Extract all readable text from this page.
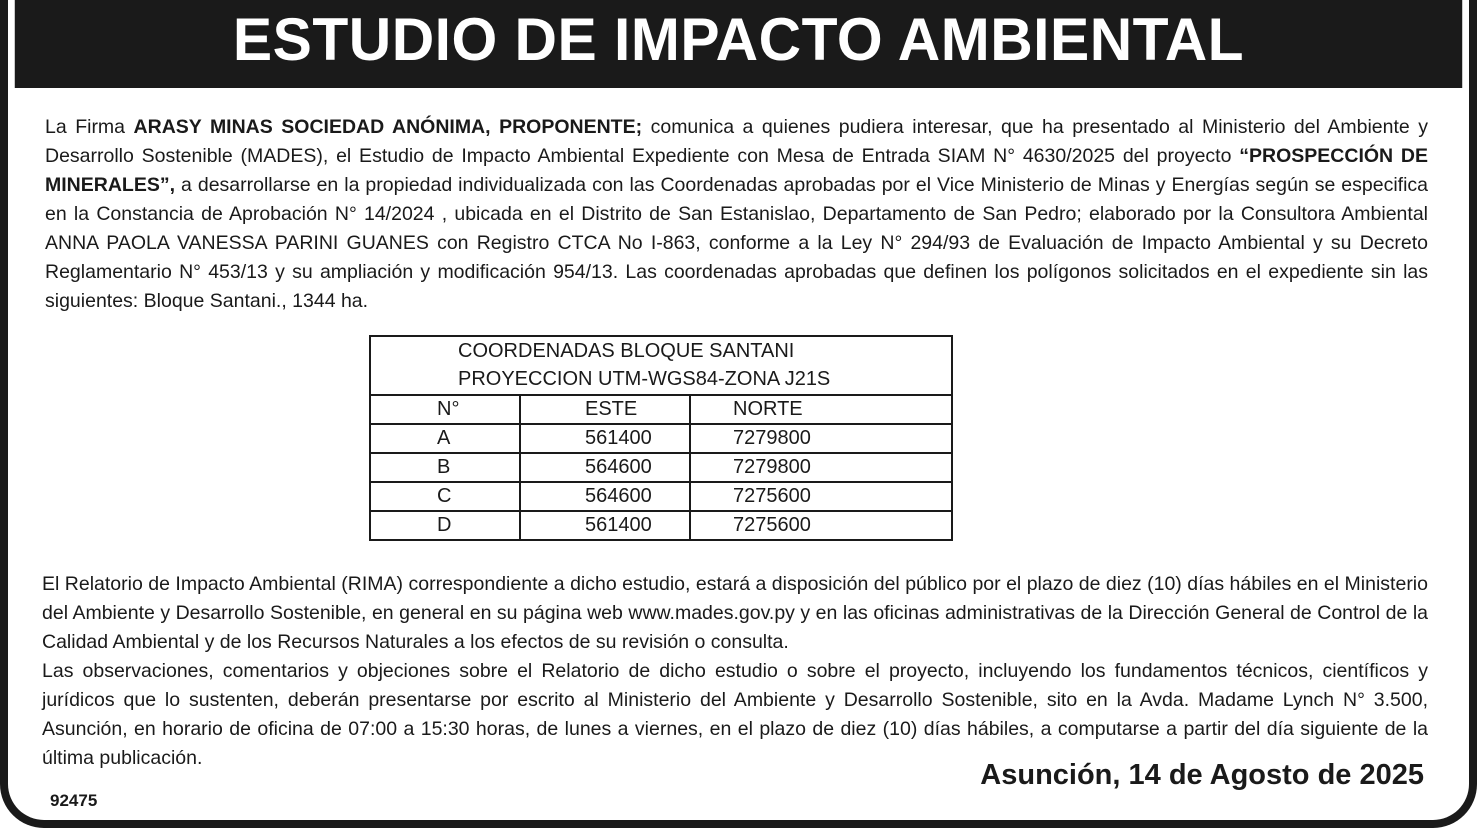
ESTUDIO DE IMPACTO AMBIENTAL
La Firma ARASY MINAS SOCIEDAD ANÓNIMA, PROPONENTE; comunica a quienes pudiera interesar, que ha presentado al Ministerio del Ambiente y Desarrollo Sostenible (MADES), el Estudio de Impacto Ambiental Expediente con Mesa de Entrada SIAM N° 4630/2025 del proyecto “PROSPECCIÓN DE MINERALES”, a desarrollarse en la propiedad individualizada con las Coordenadas aprobadas por el Vice Ministerio de Minas y Energías según se especifica en la Constancia de Aprobación N° 14/2024 , ubicada en el Distrito de San Estanislao, Departamento de San Pedro; elaborado por la Consultora Ambiental ANNA PAOLA VANESSA PARINI GUANES con Registro CTCA No I-863, conforme a la Ley N° 294/93 de Evaluación de Impacto Ambiental y su Decreto Reglamentario N° 453/13 y su ampliación y modificación 954/13. Las coordenadas aprobadas que definen los polígonos solicitados en el expediente sin las siguientes: Bloque Santani., 1344 ha.
COORDENADAS BLOQUE SANTANI		
PROYECCION UTM-WGS84-ZONA J21S		
N°	ESTE	NORTE
A	561400	7279800
B	564600	7279800
C	564600	7275600
D	561400	7275600
El Relatorio de Impacto Ambiental (RIMA) correspondiente a dicho estudio, estará a disposición del público por el plazo de diez (10) días hábiles en el Ministerio del Ambiente y Desarrollo Sostenible, en general en su página web www.mades.gov.py y en las oficinas administrativas de la Dirección General de Control de la Calidad Ambiental y de los Recursos Naturales a los efectos de su revisión o consulta.
Las observaciones, comentarios y objeciones sobre el Relatorio de dicho estudio o sobre el proyecto, incluyendo los fundamentos técnicos, científicos y jurídicos que lo sustenten, deberán presentarse por escrito al Ministerio del Ambiente y Desarrollo Sostenible, sito en la Avda. Madame Lynch N° 3.500, Asunción, en horario de oficina de 07:00 a 15:30 horas, de lunes a viernes, en el plazo de diez (10) días hábiles, a computarse a partir del día siguiente de la última publicación.
Asunción, 14 de Agosto de 2025
92475
